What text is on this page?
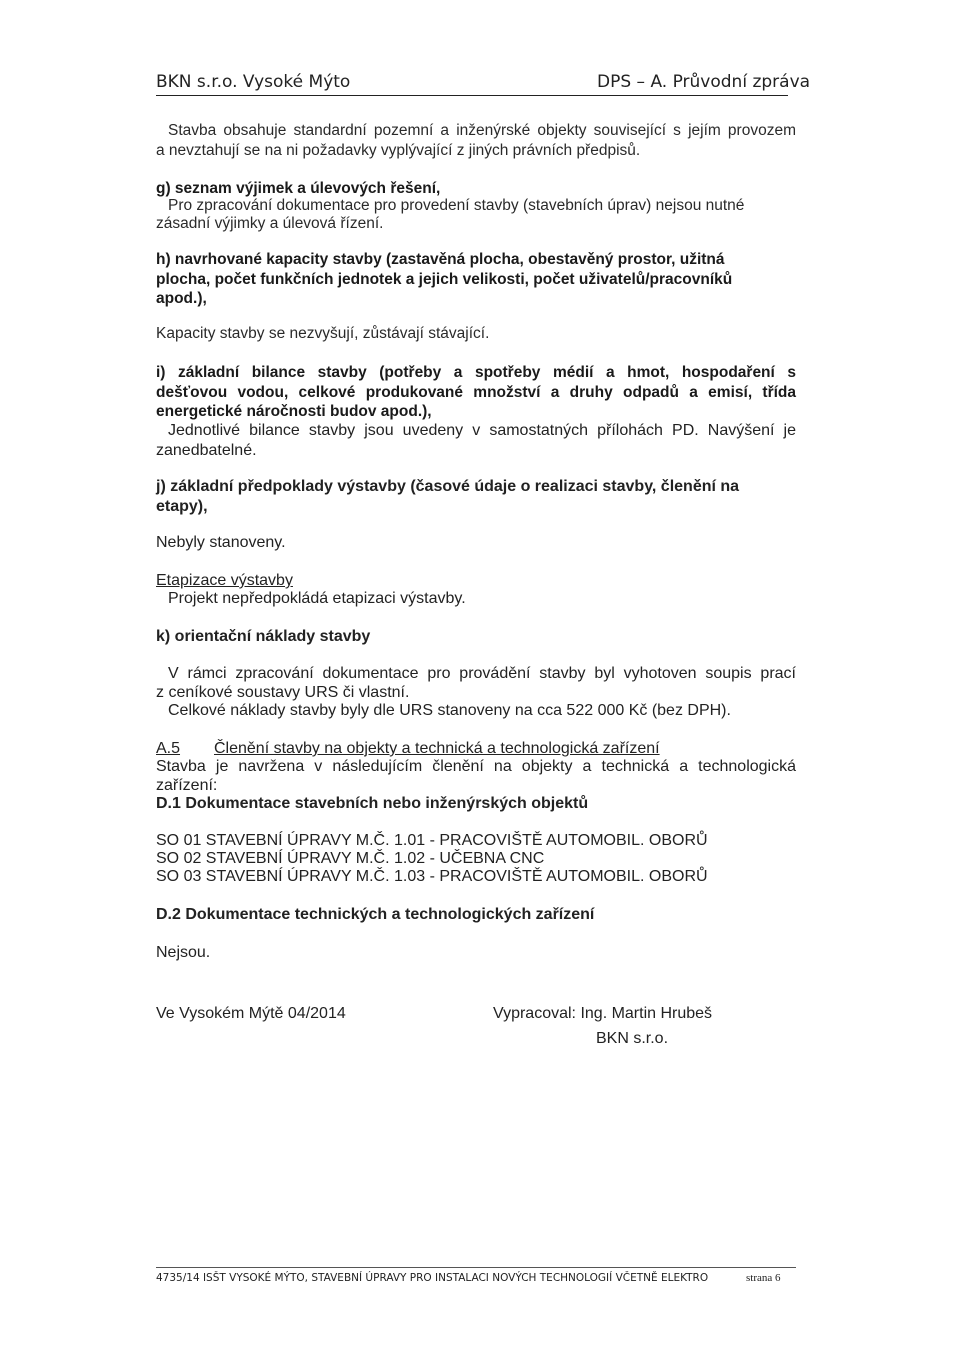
BKN s.r.o. Vysoké Mýto	DPS – A. Průvodní zpráva
Stavba obsahuje standardní pozemní a inženýrské objekty související s jejím provozem
a nevztahují se na ni požadavky vyplývající z jiných právních předpisů.
g) seznam výjimek a úlevových řešení,
Pro zpracování dokumentace pro provedení stavby (stavebních úprav) nejsou nutné
zásadní výjimky a úlevová řízení.
h) navrhované kapacity stavby (zastavěná plocha, obestavěný prostor, užitná
plocha, počet funkčních jednotek a jejich velikosti, počet uživatelů/pracovníků
apod.),
Kapacity stavby se nezvyšují, zůstávají stávající.
i) základní bilance stavby (potřeby a spotřeby médií a hmot, hospodaření s
dešťovou vodou, celkové produkované množství a druhy odpadů a emisí, třída
energetické náročnosti budov apod.),
Jednotlivé bilance stavby jsou uvedeny v samostatných přílohách PD. Navýšení je
zanedbatelné.
j) základní předpoklady výstavby (časové údaje o realizaci stavby, členění na
etapy),
Nebyly stanoveny.
Etapizace výstavby
Projekt nepředpokládá etapizaci výstavby.
k) orientační náklady stavby
V rámci zpracování dokumentace pro provádění stavby byl vyhotoven soupis prací
z ceníkové soustavy URS či vlastní.
Celkové náklady stavby byly dle URS stanoveny na cca 522 000 Kč (bez DPH).
A.5 Členění stavby na objekty a technická a technologická zařízení
Stavba je navržena v následujícím členění na objekty a technická a technologická
zařízení:
D.1 Dokumentace stavebních nebo inženýrských objektů
SO 01 STAVEBNÍ ÚPRAVY M.Č. 1.01 - PRACOVIŠTĚ AUTOMOBIL. OBORŮ
SO 02 STAVEBNÍ ÚPRAVY M.Č. 1.02 - UČEBNA CNC
SO 03 STAVEBNÍ ÚPRAVY M.Č. 1.03 - PRACOVIŠTĚ AUTOMOBIL. OBORŮ
D.2 Dokumentace technických a technologických zařízení
Nejsou.
Ve Vysokém Mýtě 04/2014	Vypracoval: Ing. Martin Hrubeš
BKN s.r.o.
4735/14 ISŠT VYSOKÉ MÝTO, STAVEBNÍ ÚPRAVY PRO INSTALACI NOVÝCH TECHNOLOGIÍ VČETNĚ ELEKTRO	strana 6
